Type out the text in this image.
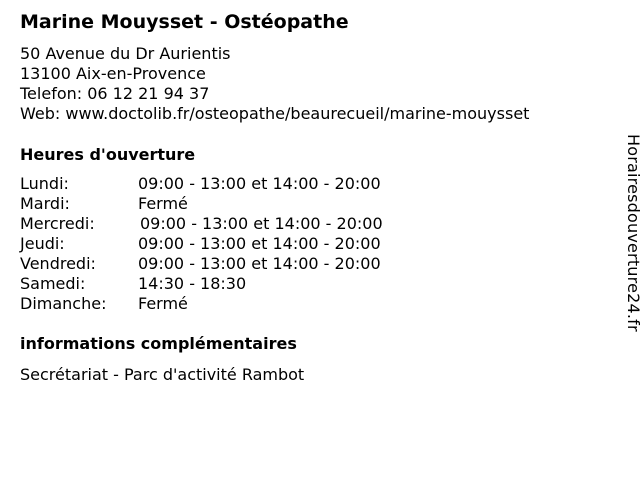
Marine Mouysset - Ostéopathe
50 Avenue du Dr Aurientis
13100 Aix-en-Provence
Telefon: 06 12 21 94 37
Web: www.doctolib.fr/osteopathe/beaurecueil/marine-mouysset
Heures d'ouverture
Lundi:	09:00 - 13:00 et 14:00 - 20:00
Mardi:	Fermé
Mercredi:	09:00 - 13:00 et 14:00 - 20:00
Jeudi:	09:00 - 13:00 et 14:00 - 20:00
Vendredi:	09:00 - 13:00 et 14:00 - 20:00
Samedi:	14:30 - 18:30
Dimanche: Fermé
informations complémentaires
Secrétariat - Parc d'activité Rambot
Horairesdouverture24.fr
